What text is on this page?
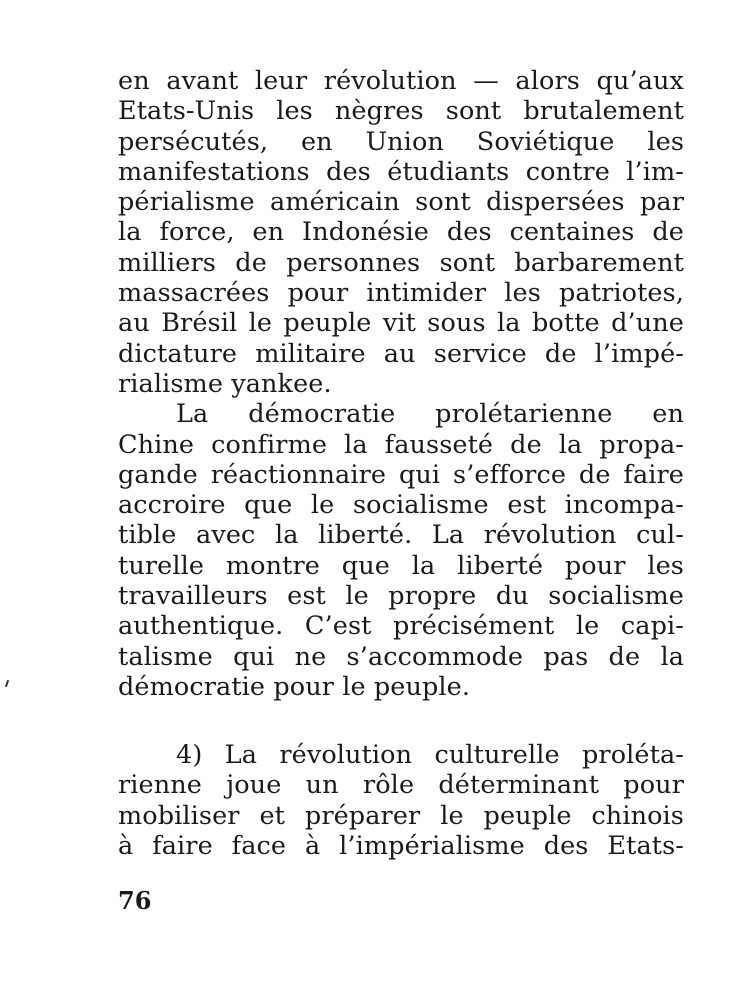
en avant leur révolution — alors qu’aux
Etats-Unis les nègres sont brutalement
persécutés, en Union Soviétique les
manifestations des étudiants contre l’im-
périalisme américain sont dispersées par
la force, en Indonésie des centaines de
milliers de personnes sont barbarement
massacrées pour intimider les patriotes,
au Brésil le peuple vit sous la botte d’une
dictature militaire au service de l’impé-
rialisme yankee.
La démocratie prolétarienne en
Chine confirme la fausseté de la propa-
gande réactionnaire qui s’efforce de faire
accroire que le socialisme est incompa-
tible avec la liberté. La révolution cul-
turelle montre que la liberté pour les
travailleurs est le propre du socialisme
authentique. C’est précisément le capi-
talisme qui ne s’accommode pas de la
démocratie pour le peuple.
4) La révolution culturelle proléta-
rienne joue un rôle déterminant pour
mobiliser et préparer le peuple chinois
à faire face à l’impérialisme des Etats-
76
